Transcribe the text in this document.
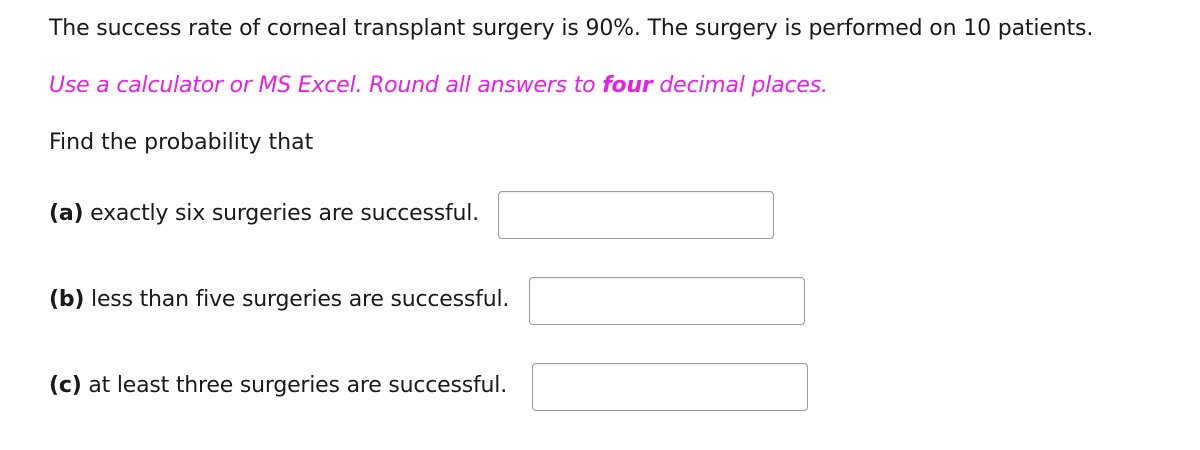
The success rate of corneal transplant surgery is 90%. The surgery is performed on 10 patients.
Use a calculator or MS Excel. Round all answers to four decimal places.
Find the probability that
(a) exactly six surgeries are successful.
(b) less than five surgeries are successful.
(c) at least three surgeries are successful.
